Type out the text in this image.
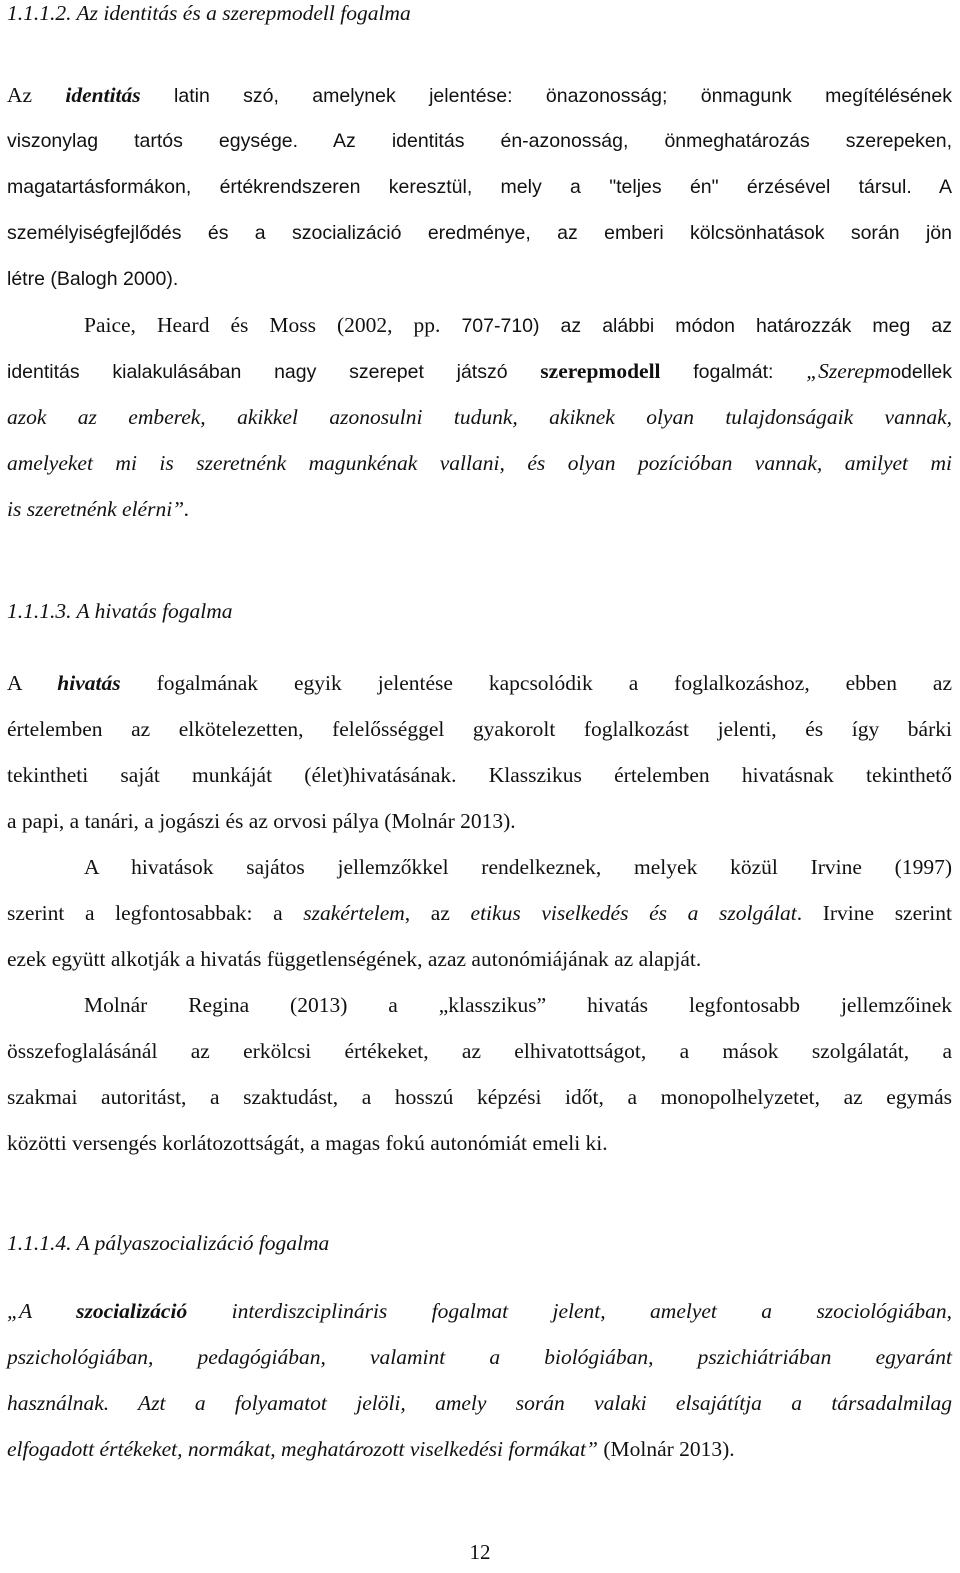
1.1.1.2. Az identitás és a szerepmodell fogalma
Az identitás latin szó, amelynek jelentése: önazonosság; önmagunk megítélésének
viszonylag tartós egysége. Az identitás én-azonosság, önmeghatározás szerepeken,
magatartásformákon, értékrendszeren keresztül, mely a "teljes én" érzésével társul. A
személyiségfejlődés és a szocializáció eredménye, az emberi kölcsönhatások során jön
létre (Balogh 2000).
Paice, Heard és Moss (2002, pp. 707-710) az alábbi módon határozzák meg az
identitás kialakulásában nagy szerepet játszó szerepmodell fogalmát: „Szerepmodellek
azok az emberek, akikkel azonosulni tudunk, akiknek olyan tulajdonságaik vannak,
amelyeket mi is szeretnénk magunkénak vallani, és olyan pozícióban vannak, amilyet mi
is szeretnénk elérni”.
1.1.1.3. A hivatás fogalma
A hivatás fogalmának egyik jelentése kapcsolódik a foglalkozáshoz, ebben az
értelemben az elkötelezetten, felelősséggel gyakorolt foglalkozást jelenti, és így bárki
tekintheti saját munkáját (élet)hivatásának. Klasszikus értelemben hivatásnak tekinthető
a papi, a tanári, a jogászi és az orvosi pálya (Molnár 2013).
A hivatások sajátos jellemzőkkel rendelkeznek, melyek közül Irvine (1997)
szerint a legfontosabbak: a szakértelem, az etikus viselkedés és a szolgálat. Irvine szerint
ezek együtt alkotják a hivatás függetlenségének, azaz autonómiájának az alapját.
Molnár Regina (2013) a „klasszikus” hivatás legfontosabb jellemzőinek
összefoglalásánál az erkölcsi értékeket, az elhivatottságot, a mások szolgálatát, a
szakmai autoritást, a szaktudást, a hosszú képzési időt, a monopolhelyzetet, az egymás
közötti versengés korlátozottságát, a magas fokú autonómiát emeli ki.
1.1.1.4. A pályaszocializáció fogalma
„A szocializáció interdiszciplináris fogalmat jelent, amelyet a szociológiában,
pszichológiában, pedagógiában, valamint a biológiában, pszichiátriában egyaránt
használnak. Azt a folyamatot jelöli, amely során valaki elsajátítja a társadalmilag
elfogadott értékeket, normákat, meghatározott viselkedési formákat” (Molnár 2013).
12
